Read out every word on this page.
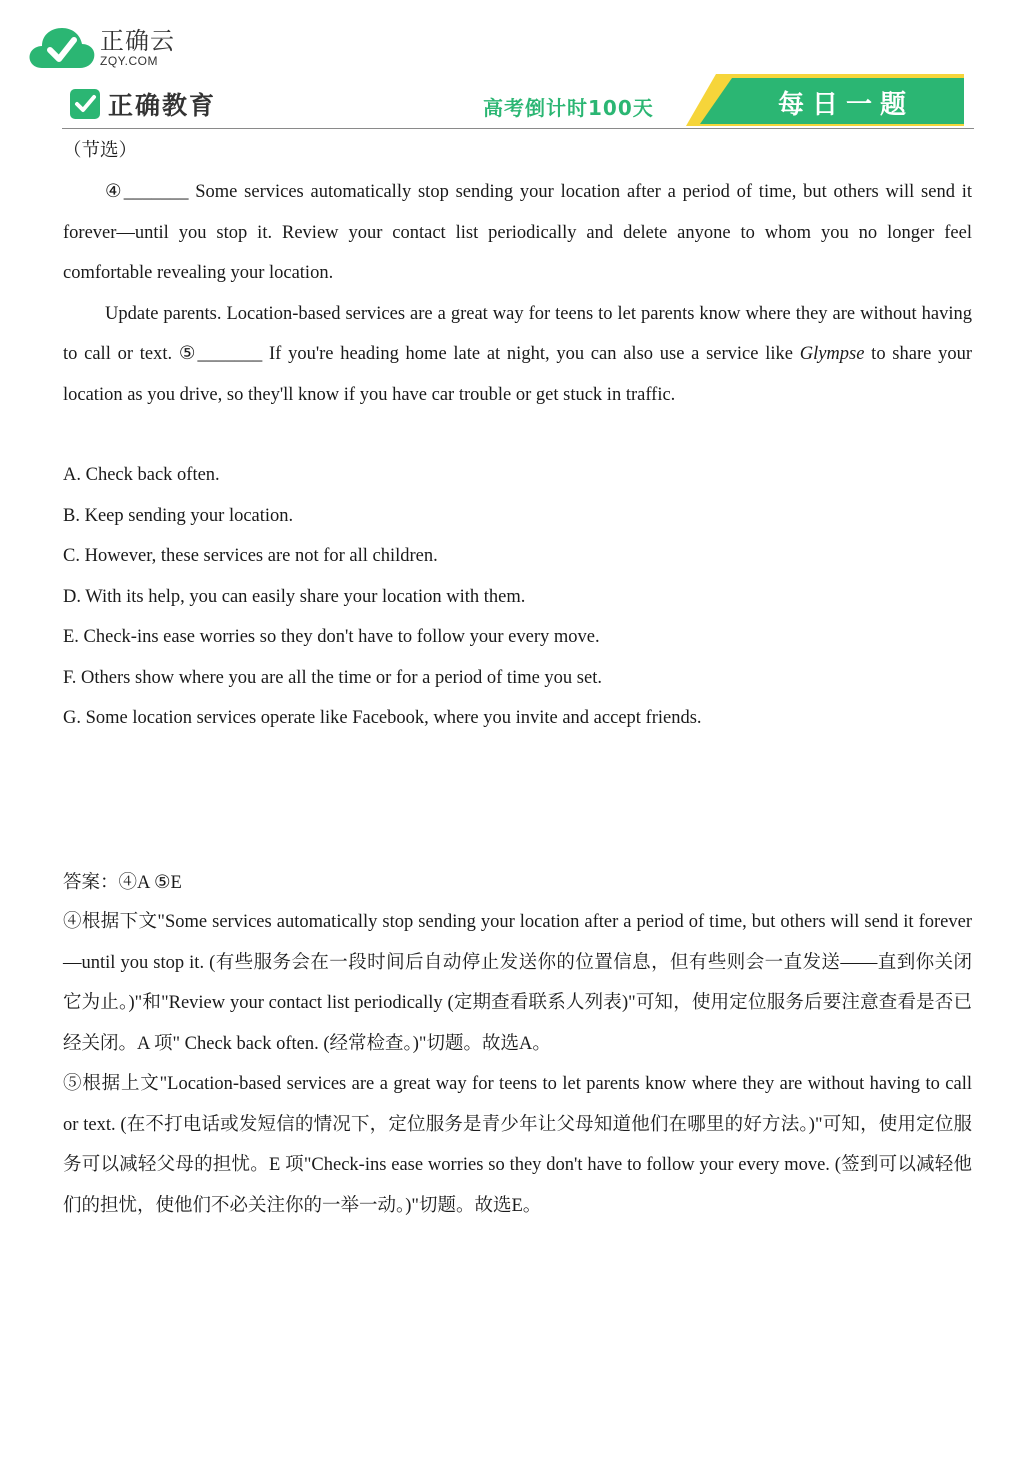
正确云
ZQY.COM
正确教育	高考倒计时100天	每日一题
（节选）

④_______ Some services automatically stop sending your location after a period of time, but others will send it forever—until you stop it. Review your contact list periodically and delete anyone to whom you no longer feel comfortable revealing your location.

Update parents. Location-based services are a great way for teens to let parents know where they are without having to call or text. ⑤_______ If you're heading home late at night, you can also use a service like Glympse to share your location as you drive, so they'll know if you have car trouble or get stuck in traffic.

A. Check back often.

B. Keep sending your location.

C. However, these services are not for all children.

D. With its help, you can easily share your location with them.

E. Check-ins ease worries so they don't have to follow your every move.

F. Others show where you are all the time or for a period of time you set.

G. Some location services operate like Facebook, where you invite and accept friends.

答案：④A ⑤E

④根据下文"Some services automatically stop sending your location after a period of time, but others will send it forever—until you stop it. (有些服务会在一段时间后自动停止发送你的位置信息，但有些则会一直发送——直到你关闭它为止。)"和"Review your contact list periodically (定期查看联系人列表)"可知，使用定位服务后要注意查看是否已经关闭。A 项" Check back often. (经常检查。)"切题。故选A。

⑤根据上文"Location-based services are a great way for teens to let parents know where they are without having to call or text. (在不打电话或发短信的情况下，定位服务是青少年让父母知道他们在哪里的好方法。)"可知，使用定位服务可以减轻父母的担忧。E 项"Check-ins ease worries so they don't have to follow your every move. (签到可以减轻他们的担忧，使他们不必关注你的一举一动。)"切题。故选E。
